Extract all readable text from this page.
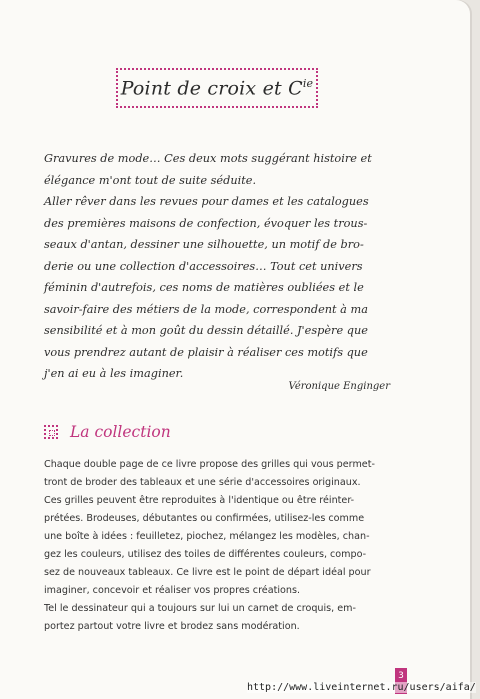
Point de croix et $C^{ie}$

Gravures de mode… Ces deux mots suggérant histoire et

élégance m'ont tout de suite séduite.

Aller rêver dans les revues pour dames et les catalogues

des premières maisons de confection, évoquer les trous-

seaux d'antan, dessiner une silhouette, un motif de bro-

derie ou une collection d'accessoires… Tout cet univers

féminin d'autrefois, ces noms de matières oubliées et le

savoir-faire des métiers de la mode, correspondent à ma

sensibilité et à mon goût du dessin détaillé. J'espère que

vous prendrez autant de plaisir à réaliser ces motifs que

j'en ai eu à les imaginer.

Véronique Enginger
La collection

Chaque double page de ce livre propose des grilles qui vous permet-

tront de broder des tableaux et une série d'accessoires originaux.

Ces grilles peuvent être reproduites à l'identique ou être réinter-

prétées. Brodeuses, débutantes ou confirmées, utilisez-les comme

une boîte à idées : feuilletez, piochez, mélangez les modèles, chan-

gez les couleurs, utilisez des toiles de différentes couleurs, compo-

sez de nouveaux tableaux. Ce livre est le point de départ idéal pour

imaginer, concevoir et réaliser vos propres créations.

Tel le dessinateur qui a toujours sur lui un carnet de croquis, em-

portez partout votre livre et brodez sans modération.

3
http://www.liveinternet.ru/users/aifa/
